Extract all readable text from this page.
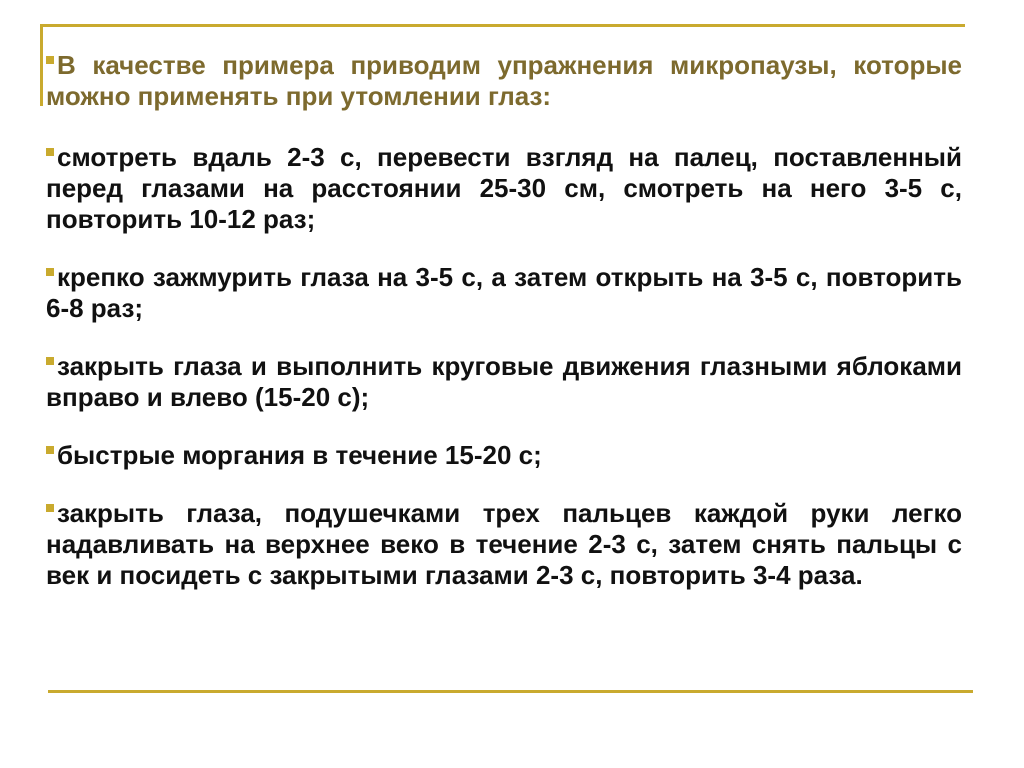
В качестве примера приводим упражнения микропаузы, которые можно применять при утомлении глаз:

смотреть вдаль 2-3 с, перевести взгляд на палец, поставленный перед глазами на расстоянии 25-30 см, смотреть на него 3-5 с, повторить 10-12 раз;

крепко зажмурить глаза на 3-5 с, а затем открыть на 3-5 с, повторить 6-8 раз;

закрыть глаза и выполнить круговые движения глазными яблоками вправо и влево (15-20 с);

быстрые моргания в течение 15-20 с;

закрыть глаза, подушечками трех пальцев каждой руки легко надавливать на верхнее веко в течение 2-3 с, затем снять пальцы с век и посидеть с закрытыми глазами 2-3 с, повторить 3-4 раза.
